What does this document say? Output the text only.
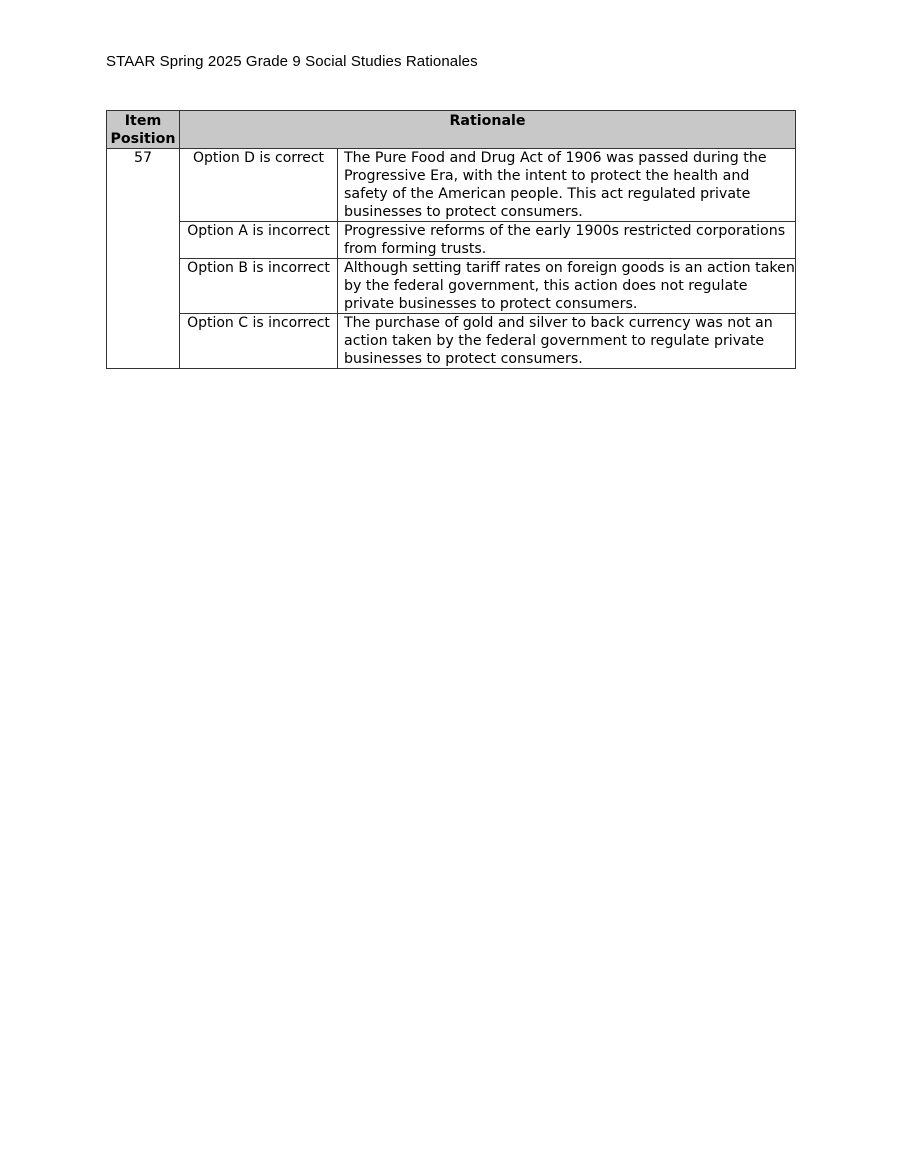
STAAR Spring 2025 Grade 9 Social Studies Rationales
Item Position	Rationale	
57	Option D is correct	The Pure Food and Drug Act of 1906 was passed during the Progressive Era, with the intent to protect the health and safety of the American people. This act regulated private businesses to protect consumers.
	Option A is incorrect	Progressive reforms of the early 1900s restricted corporations from forming trusts.
	Option B is incorrect	Although setting tariff rates on foreign goods is an action taken by the federal government, this action does not regulate private businesses to protect consumers.
	Option C is incorrect	The purchase of gold and silver to back currency was not an action taken by the federal government to regulate private businesses to protect consumers.
